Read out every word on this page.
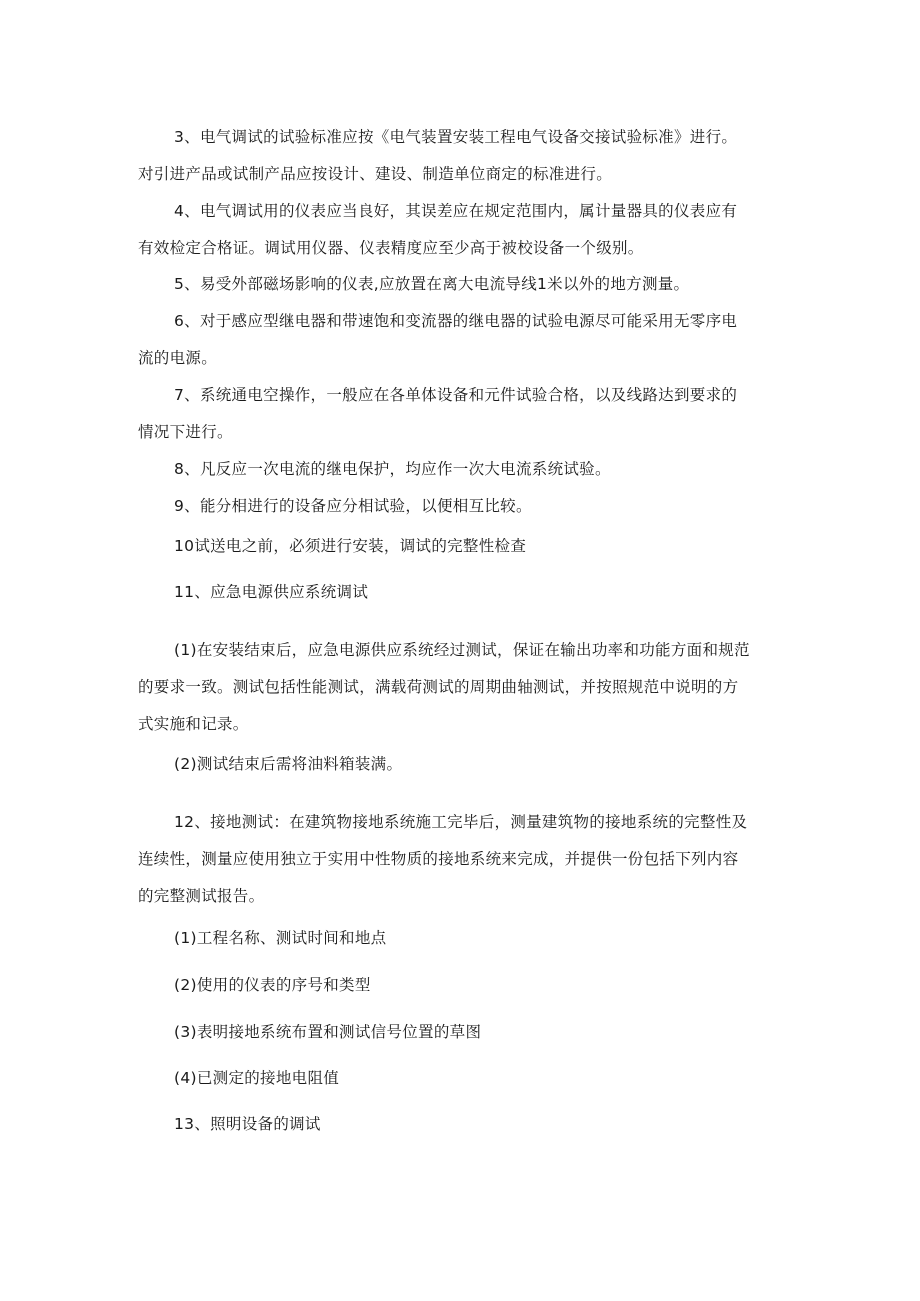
3、电气调试的试验标准应按《电气装置安装工程电气设备交接试验标准》进行。
对引进产品或试制产品应按设计、建设、制造单位商定的标准进行。

4、电气调试用的仪表应当良好，其误差应在规定范围内，属计量器具的仪表应有
有效检定合格证。调试用仪器、仪表精度应至少高于被校设备一个级别。

5、易受外部磁场影响的仪表,应放置在离大电流导线1米以外的地方测量。

6、对于感应型继电器和带速饱和变流器的继电器的试验电源尽可能采用无零序电
流的电源。

7、系统通电空操作，一般应在各单体设备和元件试验合格，以及线路达到要求的
情况下进行。

8、凡反应一次电流的继电保护，均应作一次大电流系统试验。

9、能分相进行的设备应分相试验，以便相互比较。

10试送电之前，必须进行安装，调试的完整性检查

11、应急电源供应系统调试

(1)在安装结束后，应急电源供应系统经过测试，保证在输出功率和功能方面和规范
的要求一致。测试包括性能测试，满载荷测试的周期曲轴测试，并按照规范中说明的方
式实施和记录。

(2)测试结束后需将油料箱装满。

12、接地测试：在建筑物接地系统施工完毕后，测量建筑物的接地系统的完整性及
连续性，测量应使用独立于实用中性物质的接地系统来完成，并提供一份包括下列内容
的完整测试报告。

(1)工程名称、测试时间和地点

(2)使用的仪表的序号和类型

(3)表明接地系统布置和测试信号位置的草图

(4)已测定的接地电阻值

13、照明设备的调试
